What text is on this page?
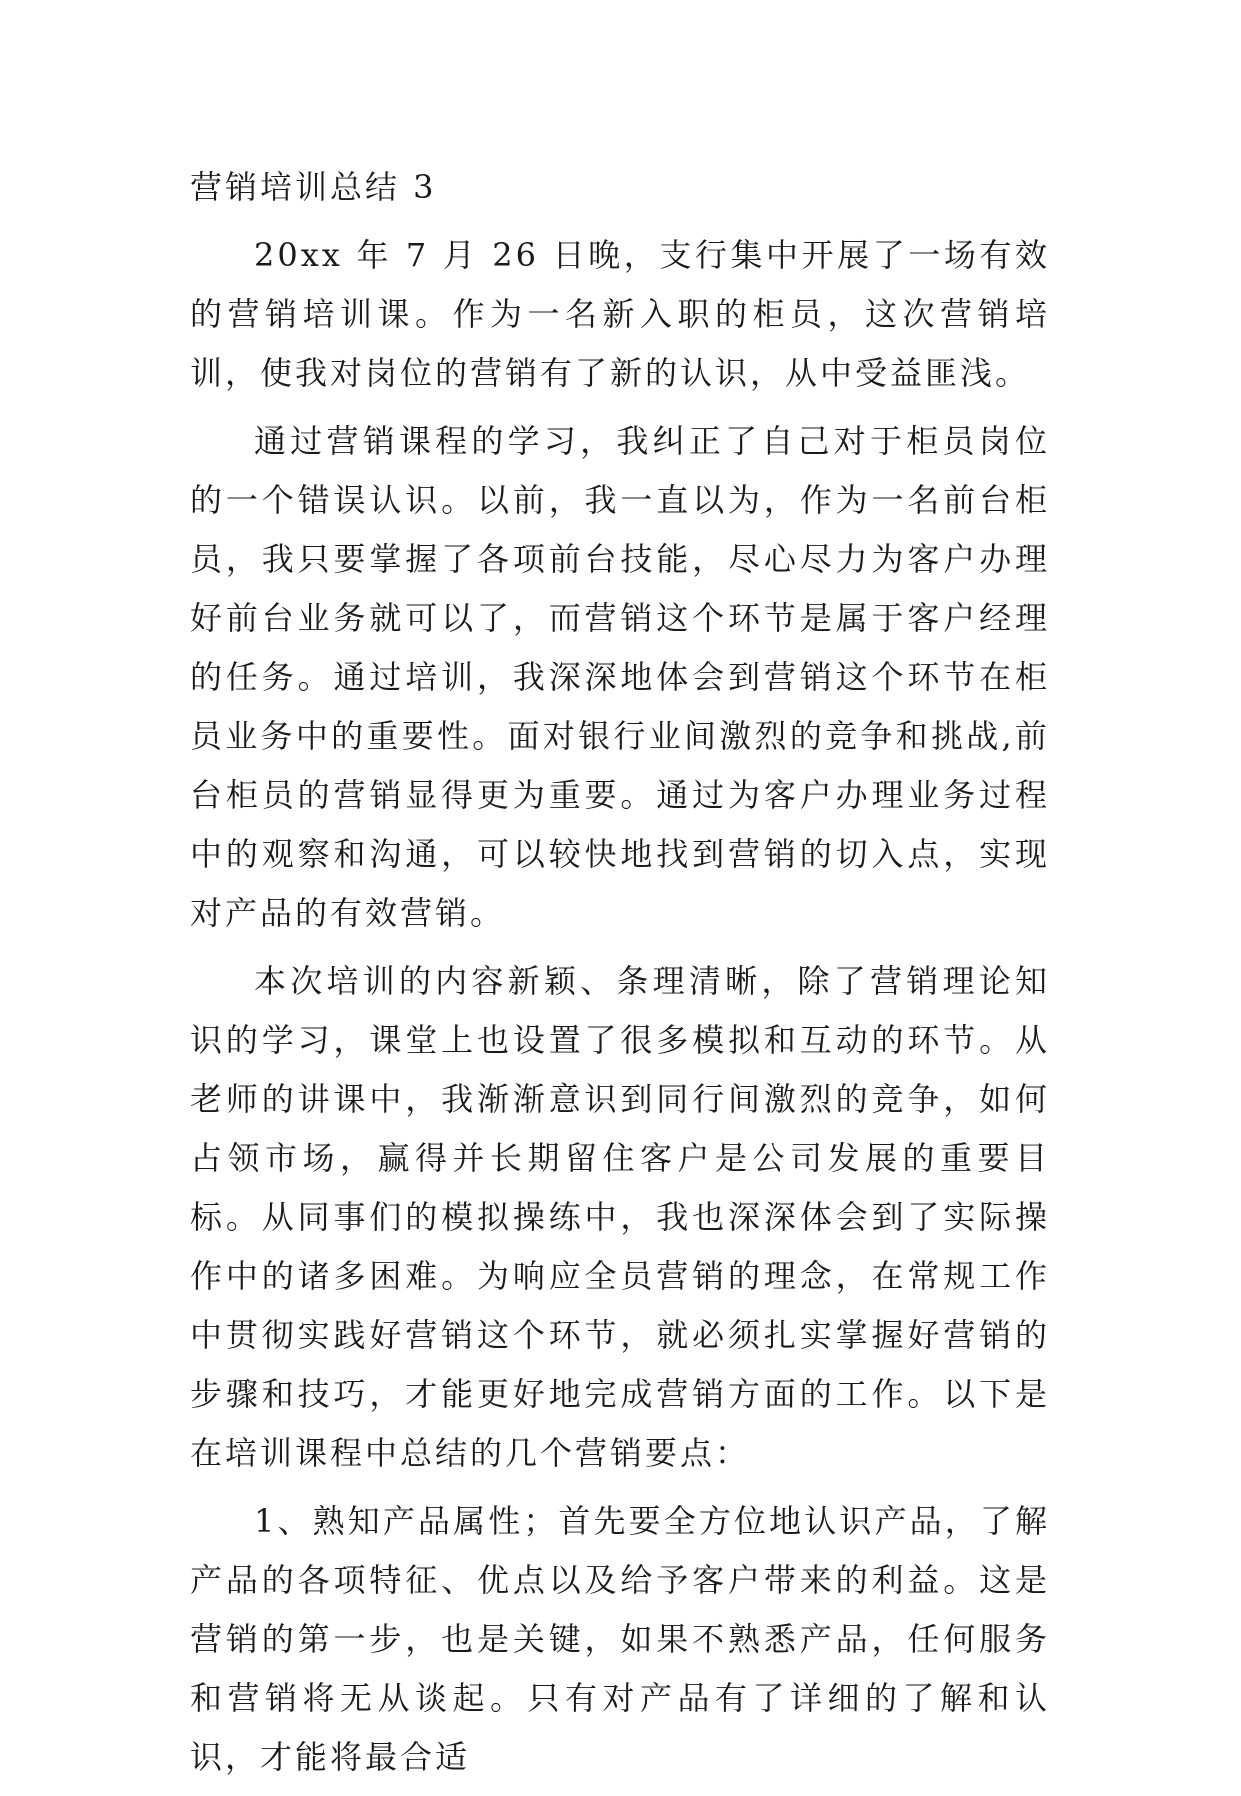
营销培训总结 3

20xx 年 7 月 26 日晚，支行集中开展了一场有效的营销培训课。作为一名新入职的柜员，这次营销培训，使我对岗位的营销有了新的认识，从中受益匪浅。

通过营销课程的学习，我纠正了自己对于柜员岗位的一个错误认识。以前，我一直以为，作为一名前台柜员，我只要掌握了各项前台技能，尽心尽力为客户办理好前台业务就可以了，而营销这个环节是属于客户经理的任务。通过培训，我深深地体会到营销这个环节在柜员业务中的重要性。面对银行业间激烈的竞争和挑战,前台柜员的营销显得更为重要。通过为客户办理业务过程中的观察和沟通，可以较快地找到营销的切入点，实现对产品的有效营销。

本次培训的内容新颖、条理清晰，除了营销理论知识的学习，课堂上也设置了很多模拟和互动的环节。从老师的讲课中，我渐渐意识到同行间激烈的竞争，如何占领市场，赢得并长期留住客户是公司发展的重要目标。从同事们的模拟操练中，我也深深体会到了实际操作中的诸多困难。为响应全员营销的理念，在常规工作中贯彻实践好营销这个环节，就必须扎实掌握好营销的步骤和技巧，才能更好地完成营销方面的工作。以下是在培训课程中总结的几个营销要点：

1、熟知产品属性；首先要全方位地认识产品，了解产品的各项特征、优点以及给予客户带来的利益。这是营销的第一步，也是关键，如果不熟悉产品，任何服务和营销将无从谈起。只有对产品有了详细的了解和认识，才能将最合适
